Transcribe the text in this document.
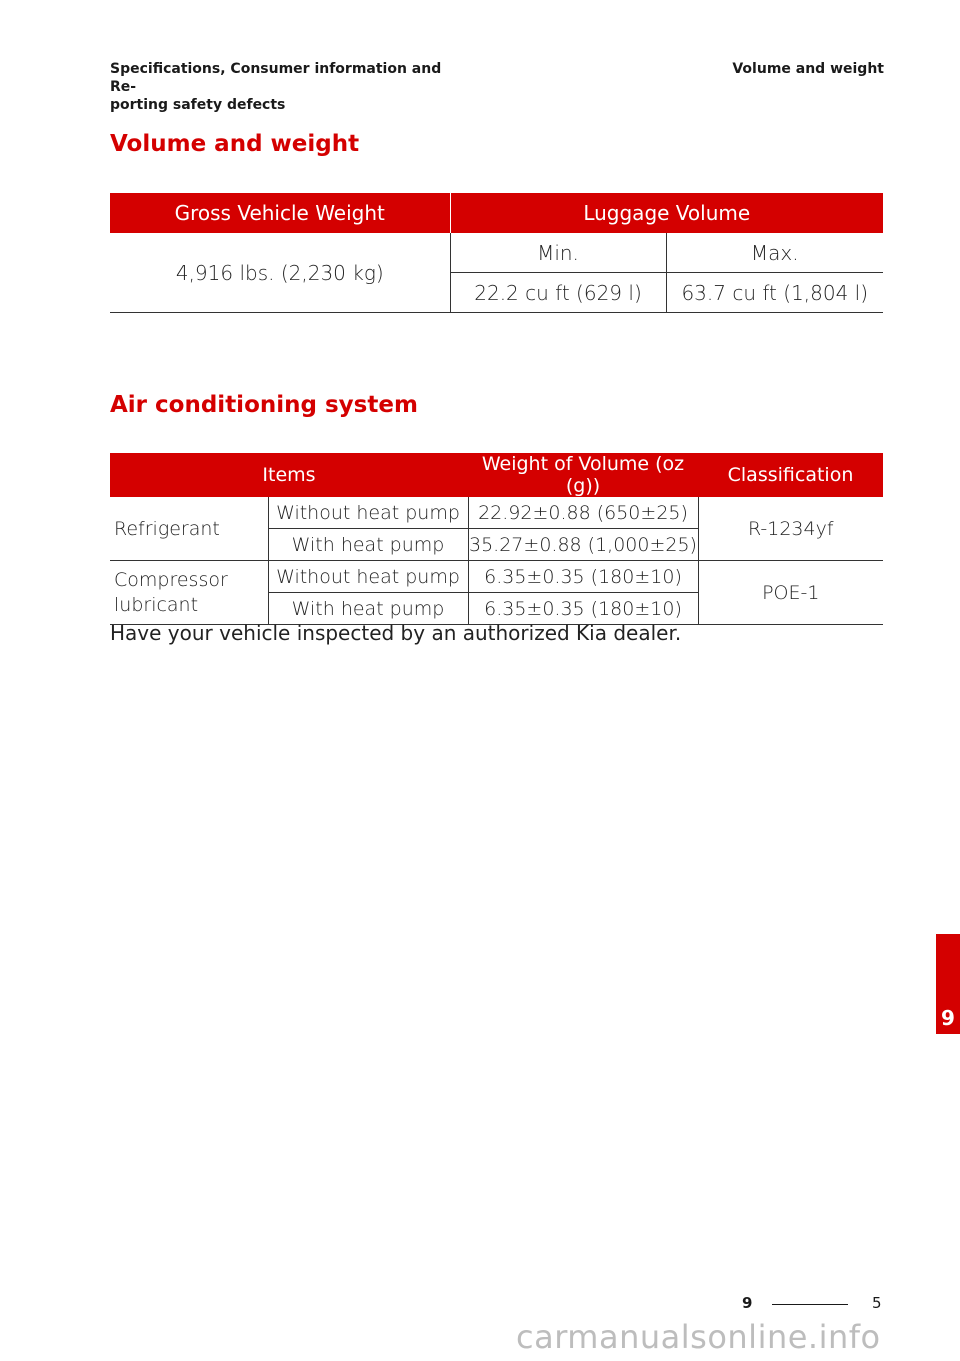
Specifications, Consumer information and Re-
porting safety defects
Volume and weight
Volume and weight
Gross Vehicle Weight	Luggage Volume	
4,916 lbs. (2,230 kg)	Min.	Max.
	22.2 cu ft (629 l)	63.7 cu ft (1,804 l)
Air conditioning system
Items		Weight of Volume (oz (g))	Classification
Refrigerant	Without heat pump	22.92±0.88 (650±25)	R-1234yf
	With heat pump	35.27±0.88 (1,000±25)	
Compressor
lubricant	Without heat pump	6.35±0.35 (180±10)	POE-1
	With heat pump	6.35±0.35 (180±10)	

Have your vehicle inspected by an authorized Kia dealer.

9
9	5
carmanualsonline.info
